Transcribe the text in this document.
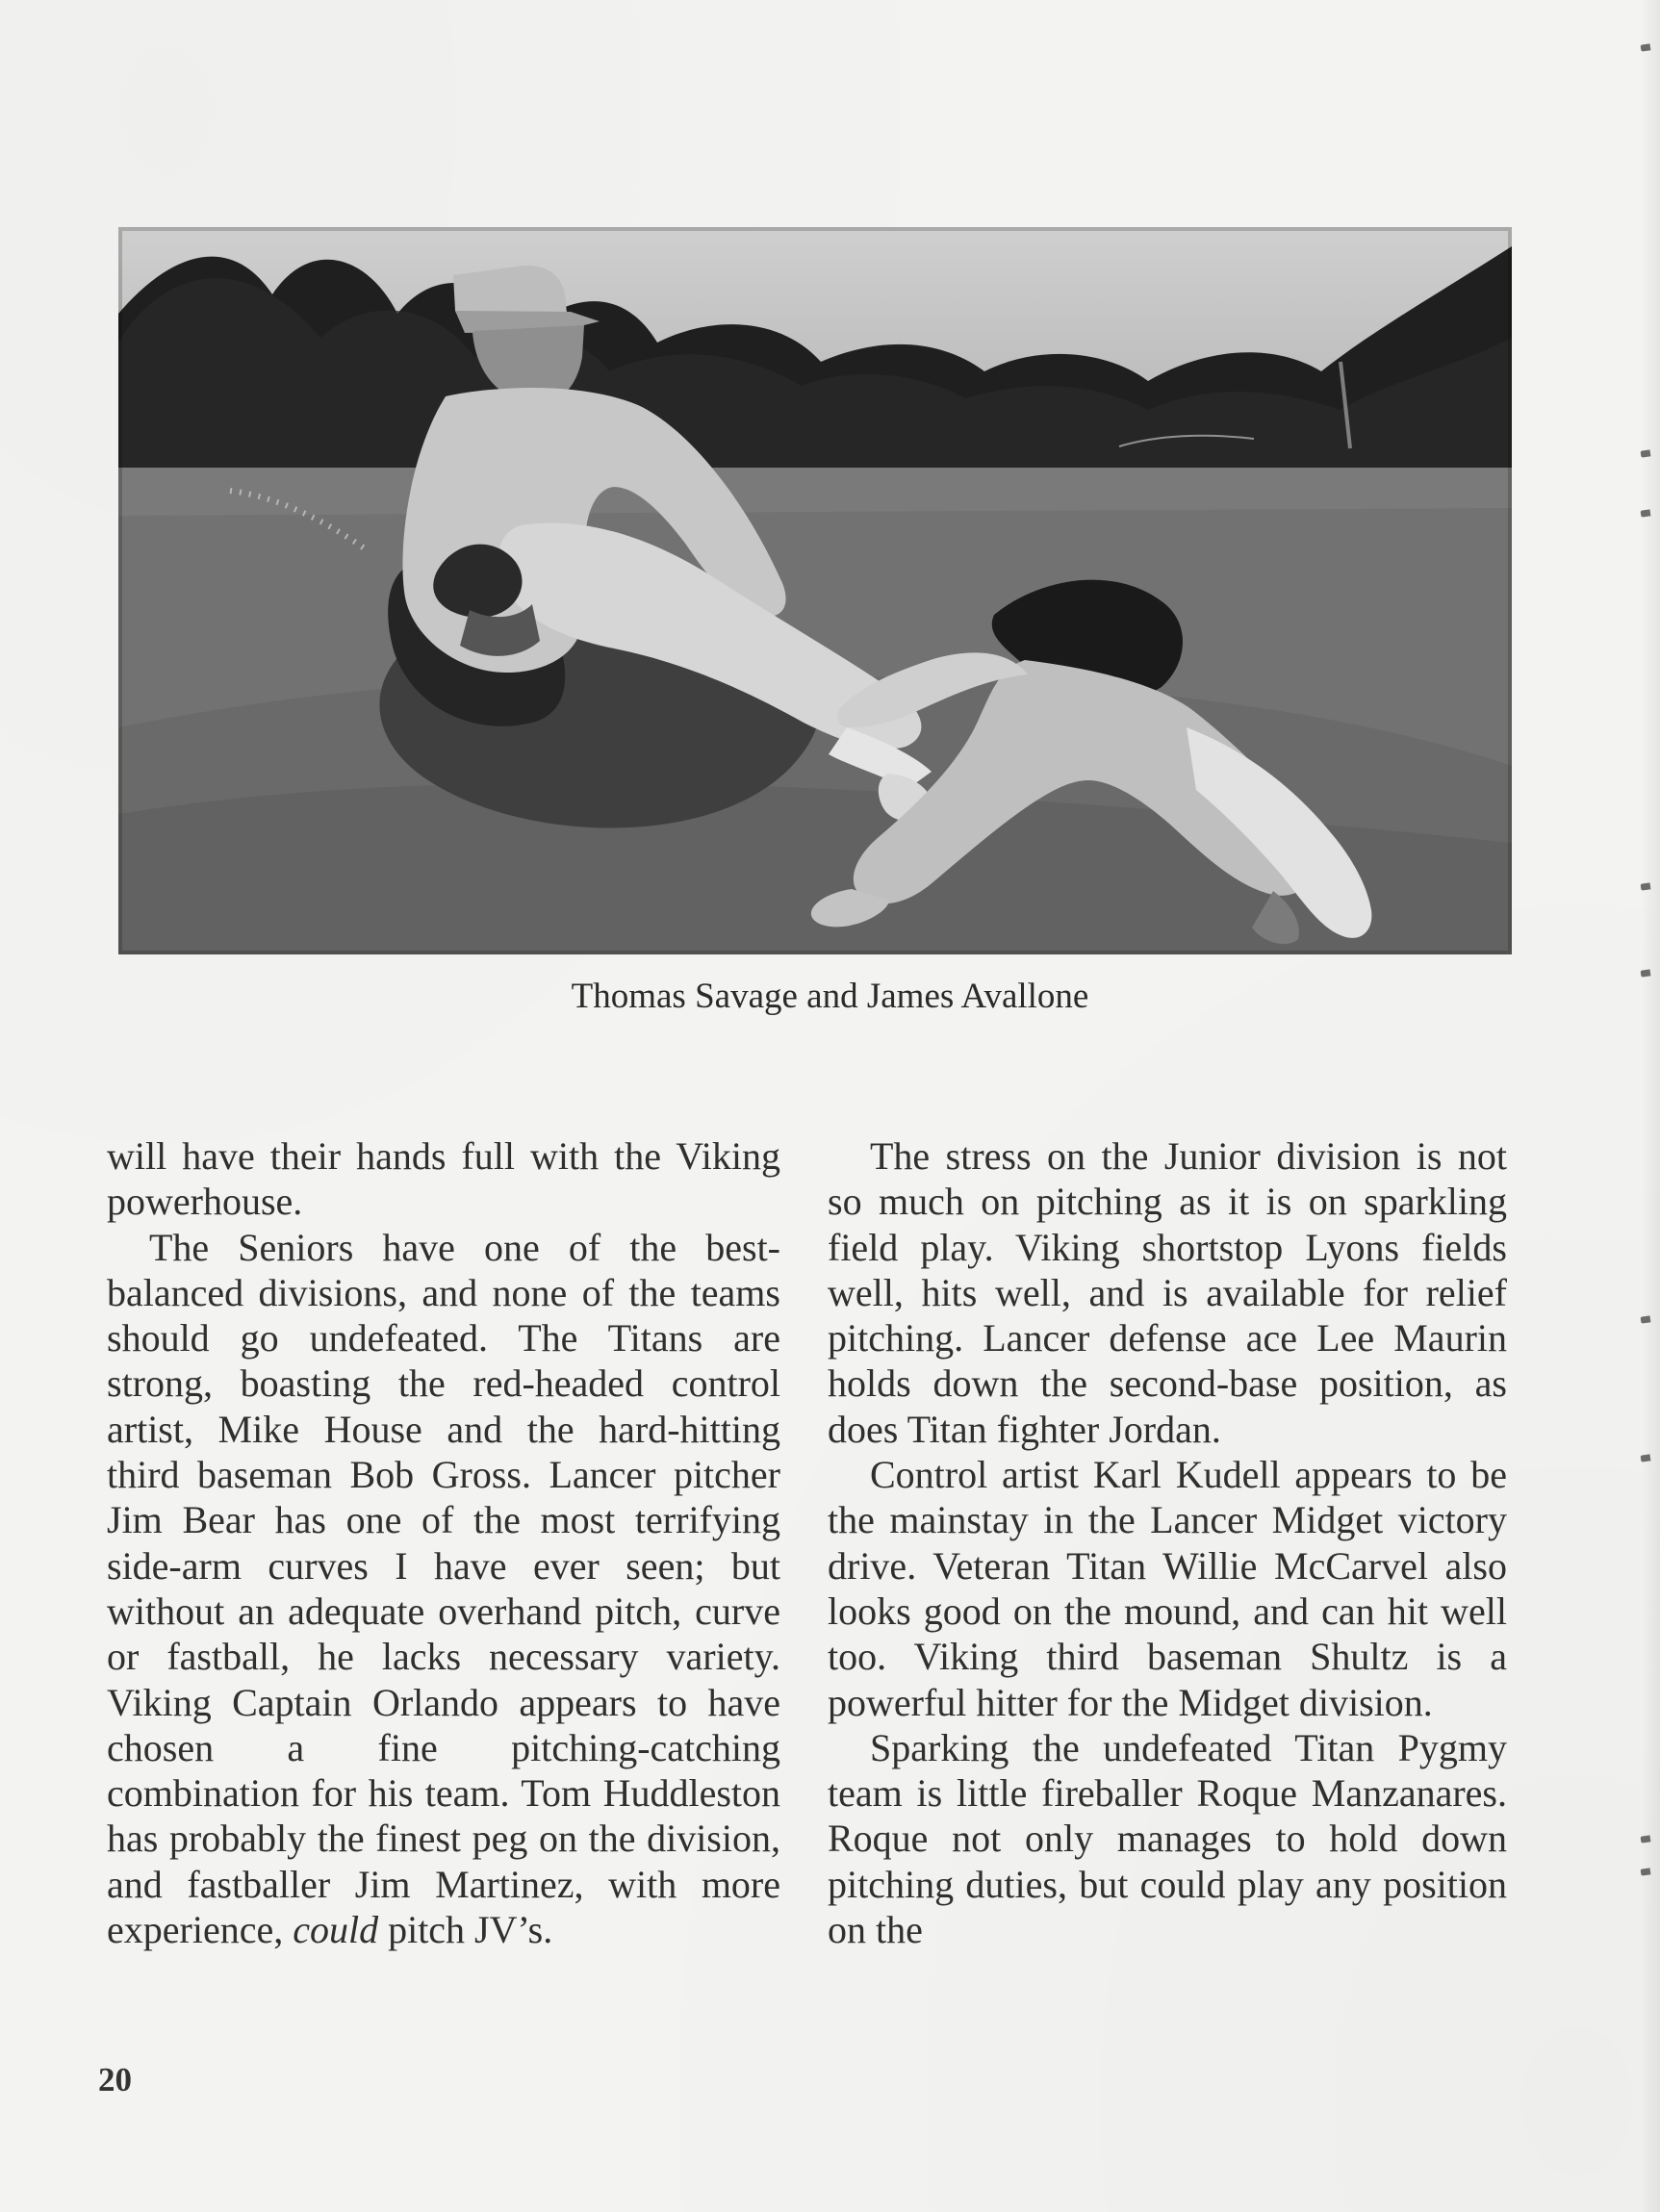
Thomas Savage and James Avallone

will have their hands full with the Viking powerhouse.

The Seniors have one of the best-balanced divisions, and none of the teams should go undefeated. The Titans are strong, boasting the red-headed control artist, Mike House and the hard-hitting third baseman Bob Gross. Lancer pitcher Jim Bear has one of the most terrifying side-arm curves I have ever seen; but without an adequate overhand pitch, curve or fastball, he lacks necessary variety. Viking Captain Orlando appears to have chosen a fine pitching-catching combination for his team. Tom Huddleston has probably the finest peg on the division, and fastballer Jim Martinez, with more experience, could pitch JV’s.

The stress on the Junior division is not so much on pitching as it is on sparkling field play. Viking shortstop Lyons fields well, hits well, and is available for relief pitching. Lancer defense ace Lee Maurin holds down the second-base position, as does Titan fighter Jordan.

Control artist Karl Kudell appears to be the mainstay in the Lancer Midget victory drive. Veteran Titan Willie McCarvel also looks good on the mound, and can hit well too. Viking third baseman Shultz is a powerful hitter for the Midget division.

Sparking the undefeated Titan Pygmy team is little fireballer Roque Manzanares. Roque not only manages to hold down pitching duties, but could play any position on the

20
